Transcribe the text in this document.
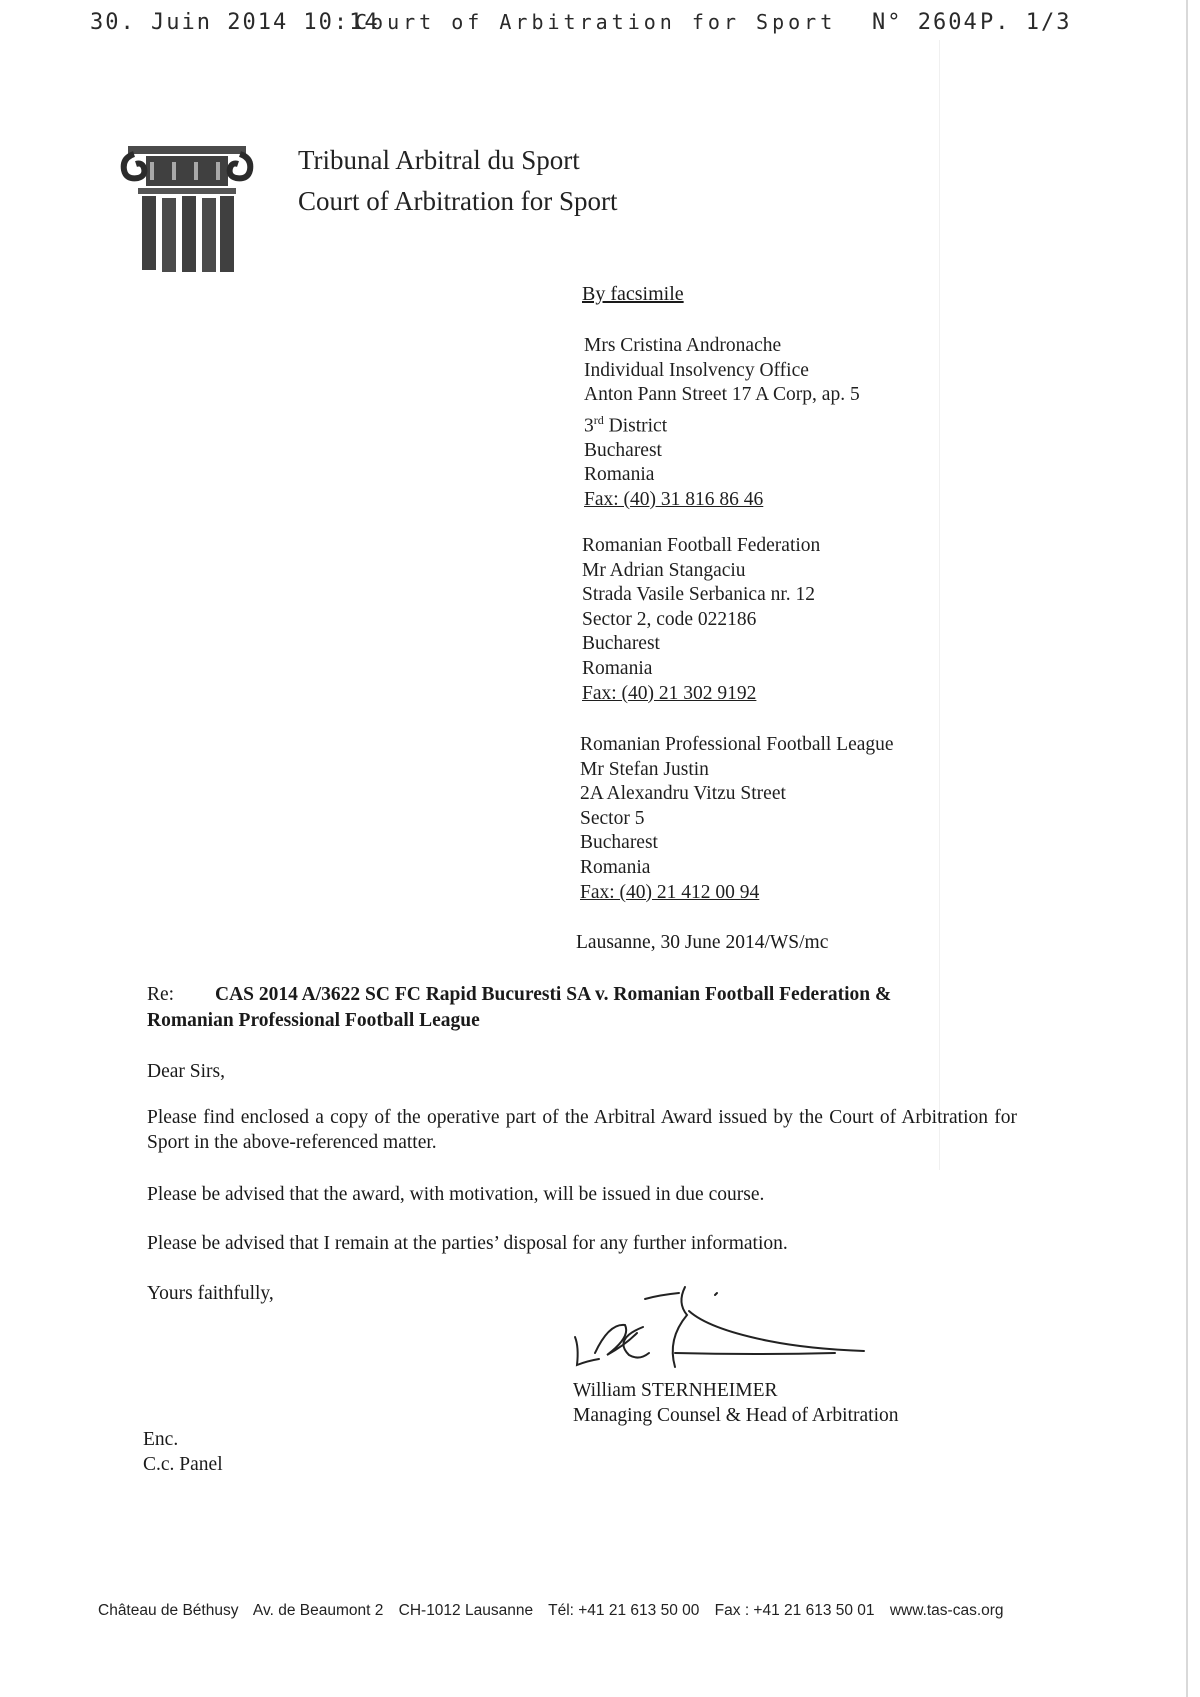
30. Juin 2014 10:14
Court of Arbitration for Sport N° 2604 P. 1/3
Tribunal Arbitral du Sport
Court of Arbitration for Sport
By facsimile
Mrs Cristina Andronache
Individual Insolvency Office
Anton Pann Street 17 A Corp, ap. 5
3rd District
Bucharest
Romania
Fax: (40) 31 816 86 46
Romanian Football Federation
Mr Adrian Stangaciu
Strada Vasile Serbanica nr. 12
Sector 2, code 022186
Bucharest
Romania
Fax: (40) 21 302 9192
Romanian Professional Football League
Mr Stefan Justin
2A Alexandru Vitzu Street
Sector 5
Bucharest
Romania
Fax: (40) 21 412 00 94
Lausanne, 30 June 2014/WS/mc
Re: CAS 2014 A/3622 SC FC Rapid Bucuresti SA v. Romanian Football Federation &
Romanian Professional Football League
Dear Sirs,
Please find enclosed a copy of the operative part of the Arbitral Award issued by the Court of Arbitration for Sport in the above-referenced matter.
Please be advised that the award, with motivation, will be issued in due course.
Please be advised that I remain at the parties’ disposal for any further information.
Yours faithfully,
William STERNHEIMER
Managing Counsel & Head of Arbitration
Enc.
C.c. Panel
Château de Béthusy Av. de Beaumont 2 CH-1012 Lausanne Tél: +41 21 613 50 00 Fax : +41 21 613 50 01 www.tas-cas.org
